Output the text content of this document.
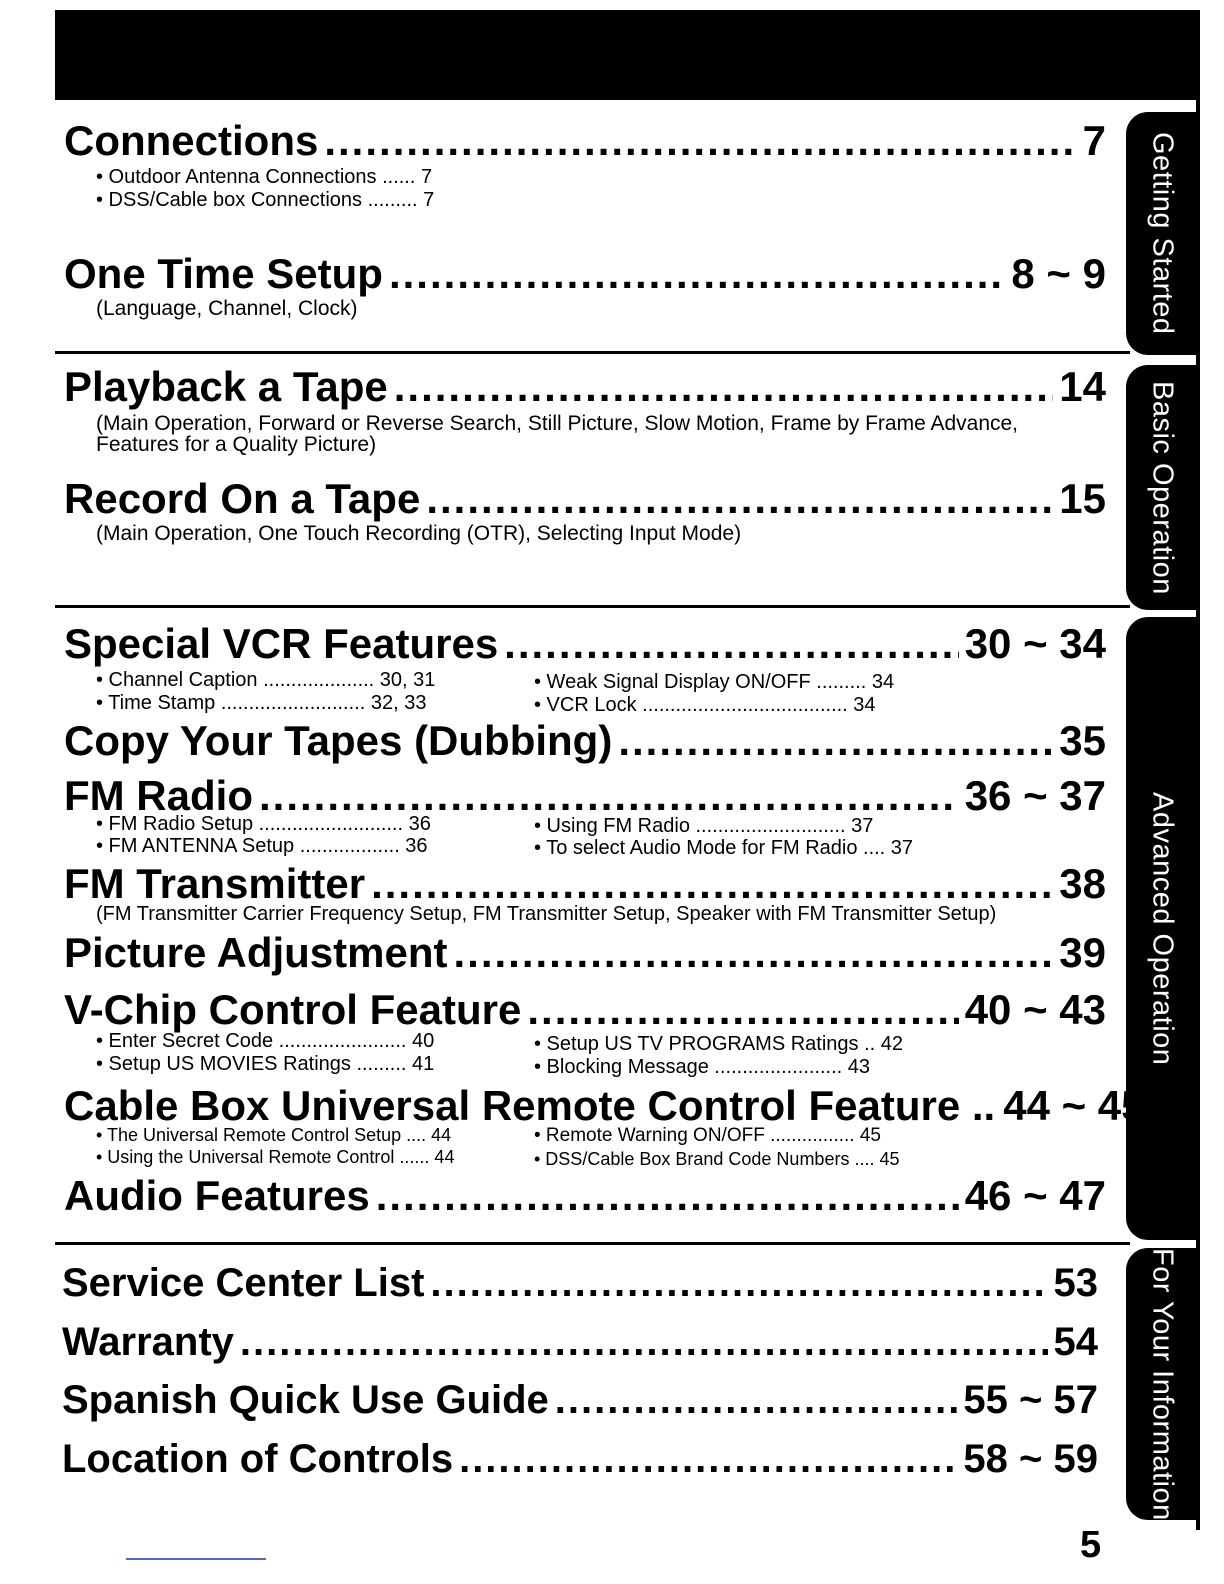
Getting Started
Basic Operation
Advanced Operation
For Your Information
Connections .....	7
• Outdoor Antenna Connections ...... 7
• DSS/Cable box Connections ......... 7
One Time Setup .....	8 ~ 9
(Language, Channel, Clock)
Playback a Tape .....	14
(Main Operation, Forward or Reverse Search, Still Picture, Slow Motion, Frame by Frame Advance, Features for a Quality Picture)
Record On a Tape .....	15
(Main Operation, One Touch Recording (OTR), Selecting Input Mode)
Special VCR Features .....	30 ~ 34
• Channel Caption .................... 30, 31
• Time Stamp .......................... 32, 33
• Weak Signal Display ON/OFF ......... 34
• VCR Lock ..................................... 34
Copy Your Tapes (Dubbing) .....	35
FM Radio .....	36 ~ 37
• FM Radio Setup .......................... 36
• FM ANTENNA Setup .................. 36
• Using FM Radio ........................... 37
• To select Audio Mode for FM Radio .... 37
FM Transmitter .....	38
(FM Transmitter Carrier Frequency Setup, FM Transmitter Setup, Speaker with FM Transmitter Setup)
Picture Adjustment .....	39
V-Chip Control Feature .....	40 ~ 43
• Enter Secret Code ....................... 40
• Setup US MOVIES Ratings ......... 41
• Setup US TV PROGRAMS Ratings .. 42
• Blocking Message ....................... 43
Cable Box Universal Remote Control Feature .. 44 ~ 45
• The Universal Remote Control Setup .... 44
• Using the Universal Remote Control ...... 44
• Remote Warning ON/OFF ................ 45
• DSS/Cable Box Brand Code Numbers .... 45
Audio Features .....	46 ~ 47
Service Center List .....	53
Warranty .....	54
Spanish Quick Use Guide .....	55 ~ 57
Location of Controls .....	58 ~ 59
5
